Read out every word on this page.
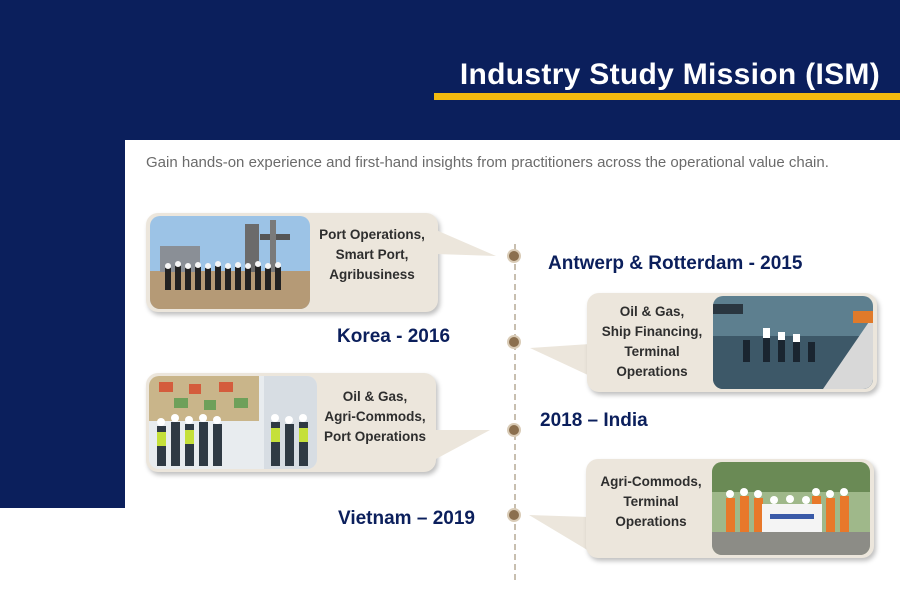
Industry Study Mission (ISM)
Gain hands-on experience and first-hand insights from practitioners across the operational value chain.
Port Operations,
Smart Port,
Agribusiness
Antwerp & Rotterdam - 2015
Korea - 2016
Oil & Gas,
Ship Financing,
Terminal
Operations
Oil & Gas,
Agri-Commods,
Port Operations
2018 – India
Vietnam – 2019
Agri-Commods,
Terminal
Operations
